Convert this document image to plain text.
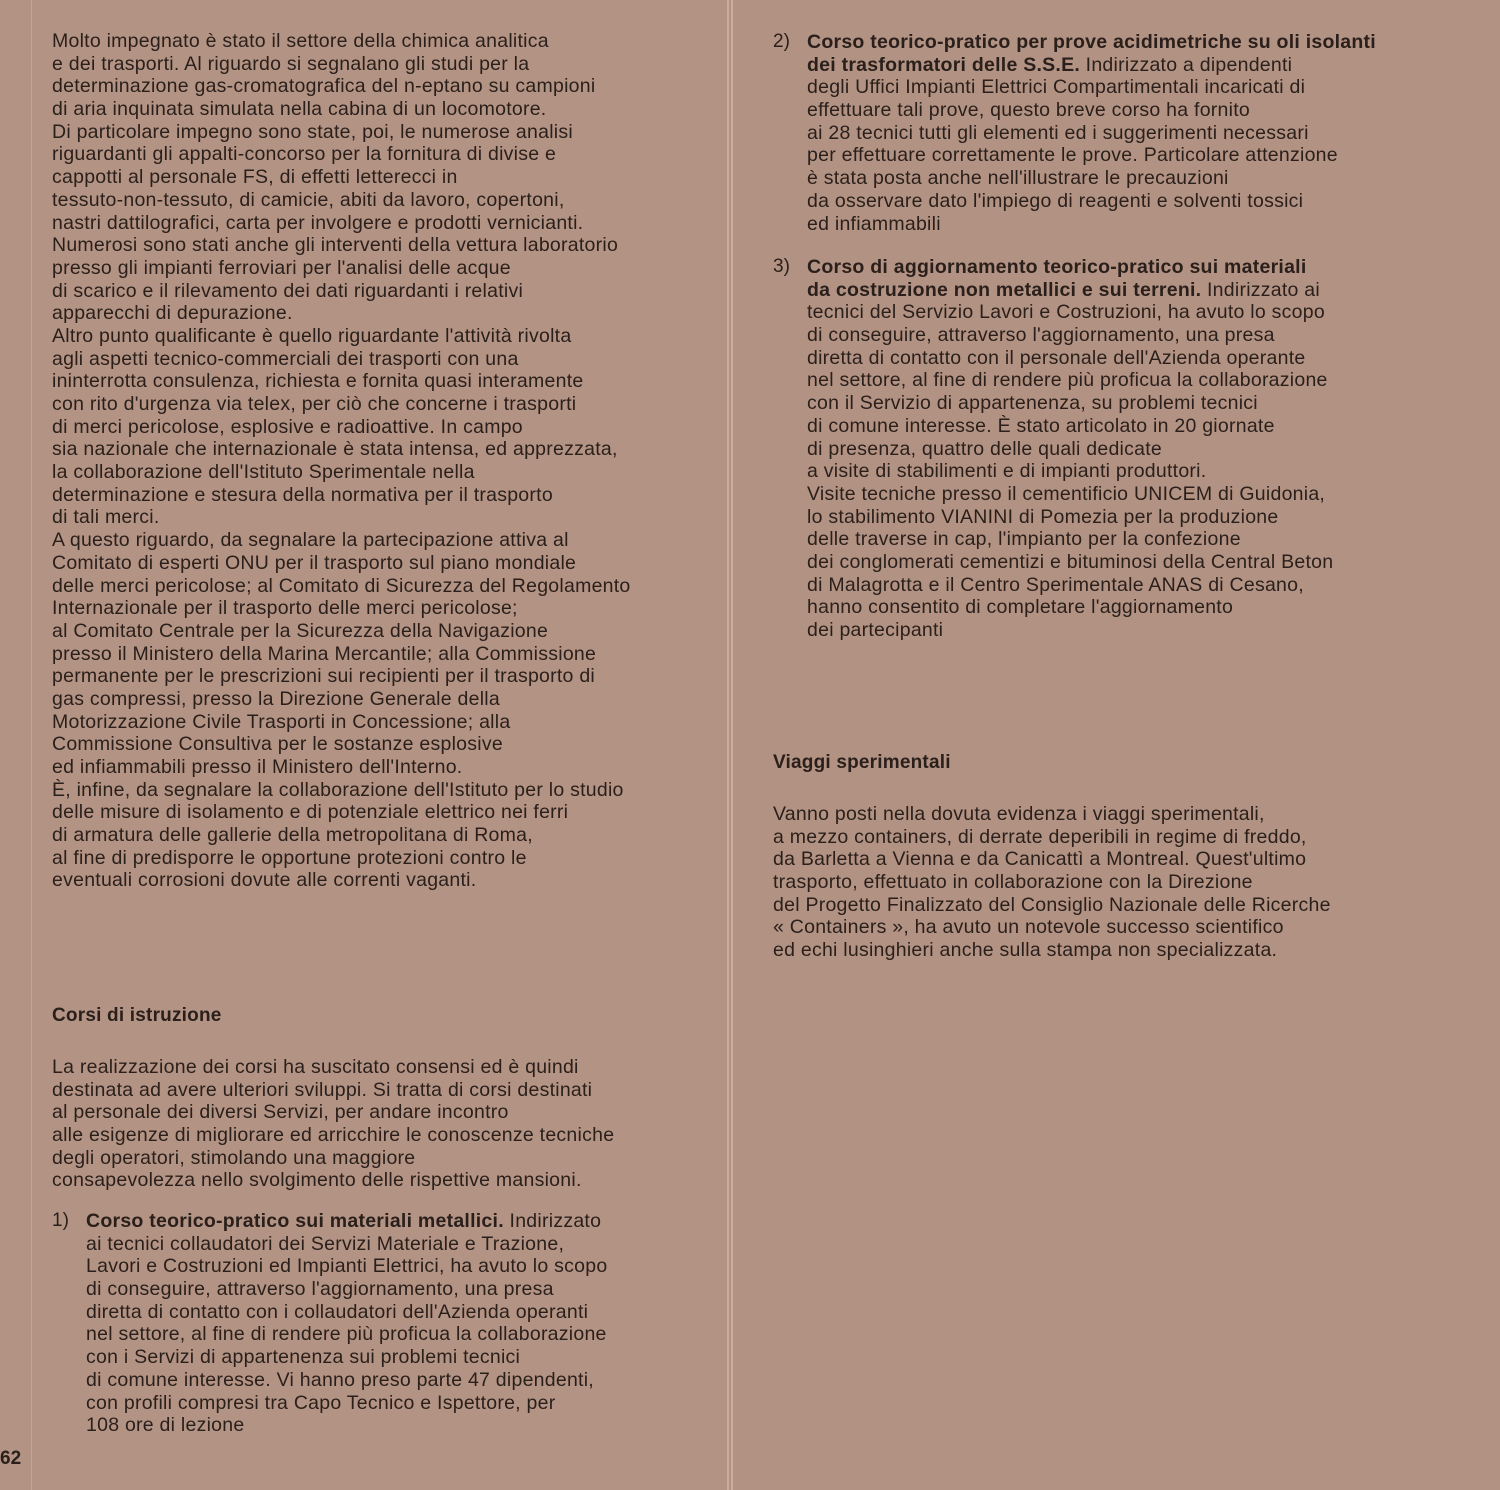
Molto impegnato è stato il settore della chimica analitica
e dei trasporti. Al riguardo si segnalano gli studi per la
determinazione gas-cromatografica del n-eptano su campioni
di aria inquinata simulata nella cabina di un locomotore.
Di particolare impegno sono state, poi, le numerose analisi
riguardanti gli appalti-concorso per la fornitura di divise e
cappotti al personale FS, di effetti letterecci in
tessuto-non-tessuto, di camicie, abiti da lavoro, copertoni,
nastri dattilografici, carta per involgere e prodotti vernicianti.
Numerosi sono stati anche gli interventi della vettura laboratorio
presso gli impianti ferroviari per l'analisi delle acque
di scarico e il rilevamento dei dati riguardanti i relativi
apparecchi di depurazione.
Altro punto qualificante è quello riguardante l'attività rivolta
agli aspetti tecnico-commerciali dei trasporti con una
ininterrotta consulenza, richiesta e fornita quasi interamente
con rito d'urgenza via telex, per ciò che concerne i trasporti
di merci pericolose, esplosive e radioattive. In campo
sia nazionale che internazionale è stata intensa, ed apprezzata,
la collaborazione dell'Istituto Sperimentale nella
determinazione e stesura della normativa per il trasporto
di tali merci.
A questo riguardo, da segnalare la partecipazione attiva al
Comitato di esperti ONU per il trasporto sul piano mondiale
delle merci pericolose; al Comitato di Sicurezza del Regolamento
Internazionale per il trasporto delle merci pericolose;
al Comitato Centrale per la Sicurezza della Navigazione
presso il Ministero della Marina Mercantile; alla Commissione
permanente per le prescrizioni sui recipienti per il trasporto di
gas compressi, presso la Direzione Generale della
Motorizzazione Civile Trasporti in Concessione; alla
Commissione Consultiva per le sostanze esplosive
ed infiammabili presso il Ministero dell'Interno.
È, infine, da segnalare la collaborazione dell'Istituto per lo studio
delle misure di isolamento e di potenziale elettrico nei ferri
di armatura delle gallerie della metropolitana di Roma,
al fine di predisporre le opportune protezioni contro le
eventuali corrosioni dovute alle correnti vaganti.
Corsi di istruzione
La realizzazione dei corsi ha suscitato consensi ed è quindi
destinata ad avere ulteriori sviluppi. Si tratta di corsi destinati
al personale dei diversi Servizi, per andare incontro
alle esigenze di migliorare ed arricchire le conoscenze tecniche
degli operatori, stimolando una maggiore
consapevolezza nello svolgimento delle rispettive mansioni.
1) Corso teorico-pratico sui materiali metallici. Indirizzato
ai tecnici collaudatori dei Servizi Materiale e Trazione,
Lavori e Costruzioni ed Impianti Elettrici, ha avuto lo scopo
di conseguire, attraverso l'aggiornamento, una presa
diretta di contatto con i collaudatori dell'Azienda operanti
nel settore, al fine di rendere più proficua la collaborazione
con i Servizi di appartenenza sui problemi tecnici
di comune interesse. Vi hanno preso parte 47 dipendenti,
con profili compresi tra Capo Tecnico e Ispettore, per
108 ore di lezione
62
2) Corso teorico-pratico per prove acidimetriche su oli isolanti
dei trasformatori delle S.S.E. Indirizzato a dipendenti
degli Uffici Impianti Elettrici Compartimentali incaricati di
effettuare tali prove, questo breve corso ha fornito
ai 28 tecnici tutti gli elementi ed i suggerimenti necessari
per effettuare correttamente le prove. Particolare attenzione
è stata posta anche nell'illustrare le precauzioni
da osservare dato l'impiego di reagenti e solventi tossici
ed infiammabili
3) Corso di aggiornamento teorico-pratico sui materiali
da costruzione non metallici e sui terreni. Indirizzato ai
tecnici del Servizio Lavori e Costruzioni, ha avuto lo scopo
di conseguire, attraverso l'aggiornamento, una presa
diretta di contatto con il personale dell'Azienda operante
nel settore, al fine di rendere più proficua la collaborazione
con il Servizio di appartenenza, su problemi tecnici
di comune interesse. È stato articolato in 20 giornate
di presenza, quattro delle quali dedicate
a visite di stabilimenti e di impianti produttori.
Visite tecniche presso il cementificio UNICEM di Guidonia,
lo stabilimento VIANINI di Pomezia per la produzione
delle traverse in cap, l'impianto per la confezione
dei conglomerati cementizi e bituminosi della Central Beton
di Malagrotta e il Centro Sperimentale ANAS di Cesano,
hanno consentito di completare l'aggiornamento
dei partecipanti
Viaggi sperimentali
Vanno posti nella dovuta evidenza i viaggi sperimentali,
a mezzo containers, di derrate deperibili in regime di freddo,
da Barletta a Vienna e da Canicattì a Montreal. Quest'ultimo
trasporto, effettuato in collaborazione con la Direzione
del Progetto Finalizzato del Consiglio Nazionale delle Ricerche
« Containers », ha avuto un notevole successo scientifico
ed echi lusinghieri anche sulla stampa non specializzata.
